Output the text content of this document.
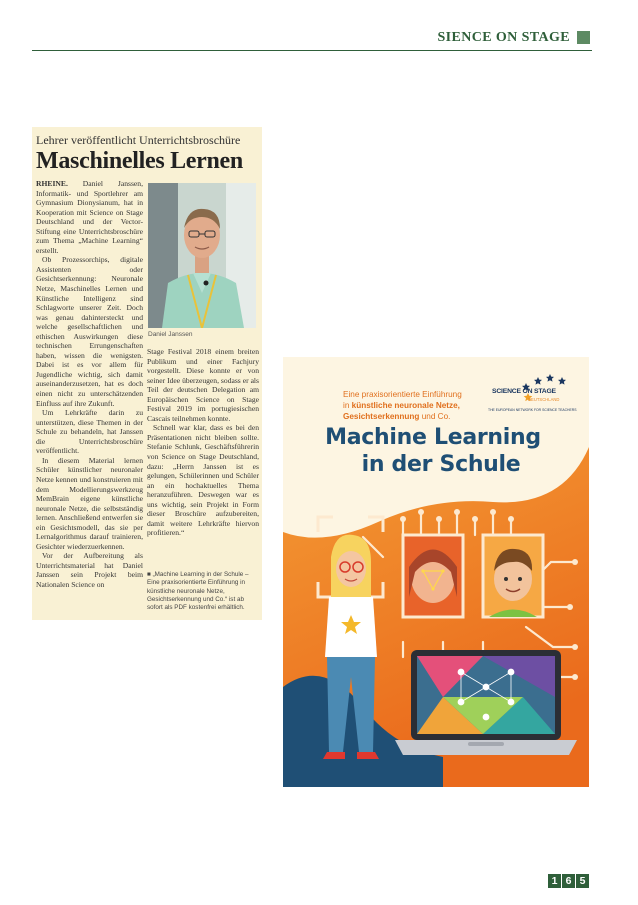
SIENCE ON STAGE
Lehrer veröffentlicht Unterrichtsbroschüre
Maschinelles Lernen

RHEINE. Daniel Janssen, Informatik- und Sportlehrer am Gymnasium Dionysianum, hat in Kooperation mit Science on Stage Deutschland und der Vector-Stiftung eine Unterrichtsbroschüre zum Thema „Machine Learning“ erstellt.

Ob Prozessorchips, digitale Assistenten oder Gesichtserkennung: Neuronale Netze, Maschinelles Lernen und Künstliche Intelligenz sind Schlagworte unserer Zeit. Doch was genau dahintersteckt und welche gesellschaftlichen und ethischen Auswirkungen diese technischen Errungenschaften haben, wissen die wenigsten. Dabei ist es vor allem für Jugendliche wichtig, sich damit auseinanderzusetzen, hat es doch einen nicht zu unterschätzenden Einfluss auf ihre Zukunft.

Um Lehrkräfte darin zu unterstützen, diese Themen in der Schule zu behandeln, hat Janssen die Unterrichtsbroschüre veröffentlicht.

In diesem Material lernen Schüler künstlicher neuronaler Netze kennen und konstruieren mit dem Modellierungswerkzeug MemBrain eigene künstliche neuronale Netze, die selbstständig lernen. Anschließend entwerfen sie ein Gesichtsmodell, das sie per Lernalgorithmus darauf trainieren, Gesichter wiederzuerkennen.

Vor der Aufbereitung als Unterrichtsmaterial hat Daniel Janssen sein Projekt beim Nationalen Science on

Daniel Janssen

Stage Festival 2018 einem breiten Publikum und einer Fachjury vorgestellt. Diese konnte er von seiner Idee überzeugen, sodass er als Teil der deutschen Delegation am Europäischen Science on Stage Festival 2019 im portugiesischen Cascais teilnehmen konnte.

Schnell war klar, dass es bei den Präsentationen nicht bleiben sollte. Stefanie Schlunk, Geschäftsführerin von Science on Stage Deutschland, dazu: „Herrn Janssen ist es gelungen, Schülerinnen und Schüler an ein hochaktuelles Thema heranzuführen. Deswegen war es uns wichtig, sein Projekt in Form dieser Broschüre aufzubereiten, damit weitere Lehrkräfte hiervon profitieren.“

■ „Machine Learning in der Schule – Eine praxisorientierte Einführung in künstliche neuronale Netze, Gesichtserkennung und Co.“ ist ab sofort als PDF kostenfrei erhältlich.
Eine praxisorientierte Einführung
in künstliche neuronale Netze, Gesichtserkennung und Co.
SCIENCE ON STAGE
DEUTSCHLAND
THE EUROPEAN NETWORK FOR SCIENCE TEACHERS
Machine Learning
in der Schule
1 6 5
